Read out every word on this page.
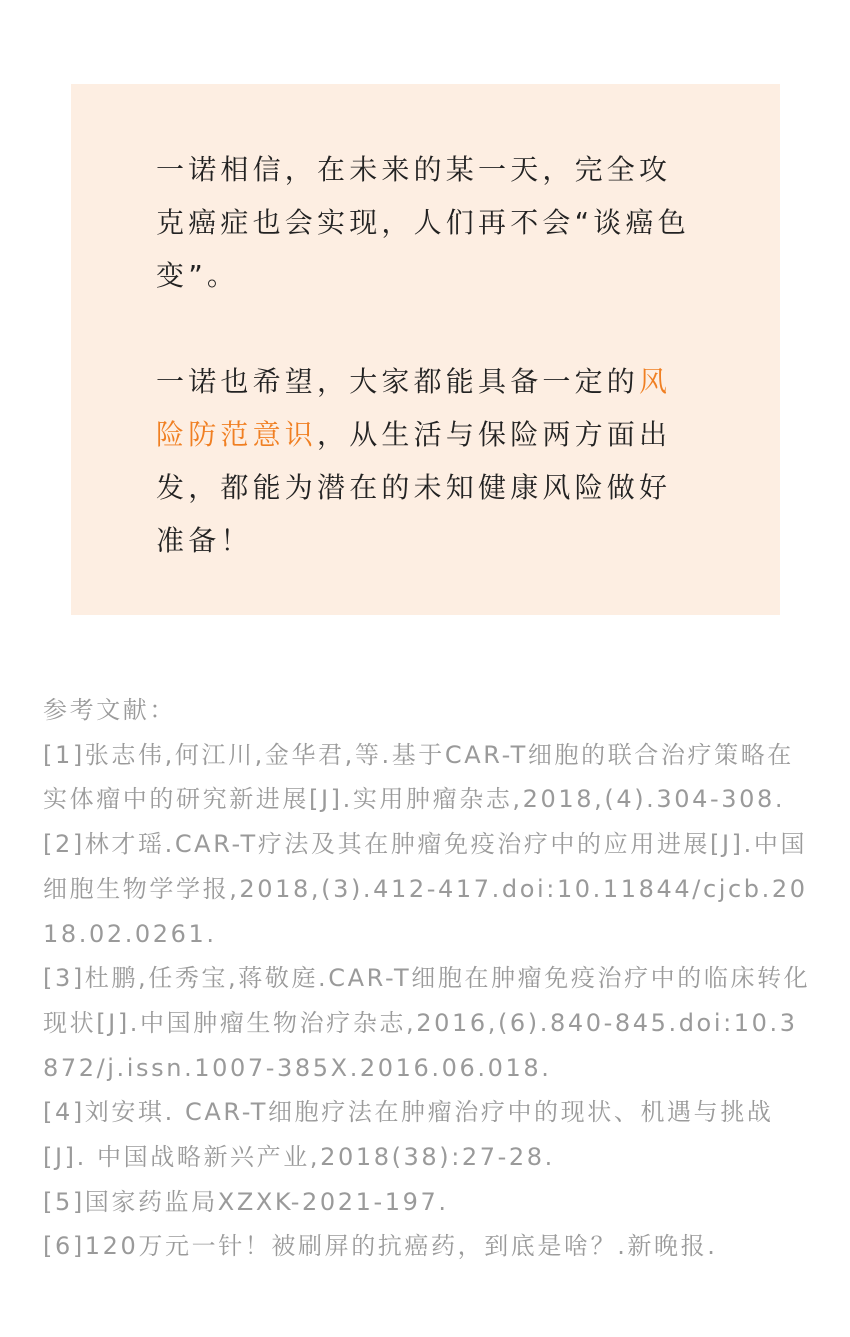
一诺相信，在未来的某一天，完全攻克癌症也会实现，人们再不会“谈癌色变”。

一诺也希望，大家都能具备一定的风险防范意识，从生活与保险两方面出发，都能为潜在的未知健康风险做好准备！

参考文献：
[1]张志伟,何江川,金华君,等.基于CAR-T细胞的联合治疗策略在实体瘤中的研究新进展[J].实用肿瘤杂志,2018,(4).304-308.
[2]林才瑶.CAR-T疗法及其在肿瘤免疫治疗中的应用进展[J].中国细胞生物学学报,2018,(3).412-417.doi:10.11844/cjcb.2018.02.0261.
[3]杜鹏,任秀宝,蒋敬庭.CAR-T细胞在肿瘤免疫治疗中的临床转化现状[J].中国肿瘤生物治疗杂志,2016,(6).840-845.doi:10.3872/j.issn.1007-385X.2016.06.018.
[4]刘安琪. CAR-T细胞疗法在肿瘤治疗中的现状、机遇与挑战[J]. 中国战略新兴产业,2018(38):27-28.
[5]国家药监局XZXK-2021-197.
[6]120万元一针！被刷屏的抗癌药，到底是啥？.新晚报.
